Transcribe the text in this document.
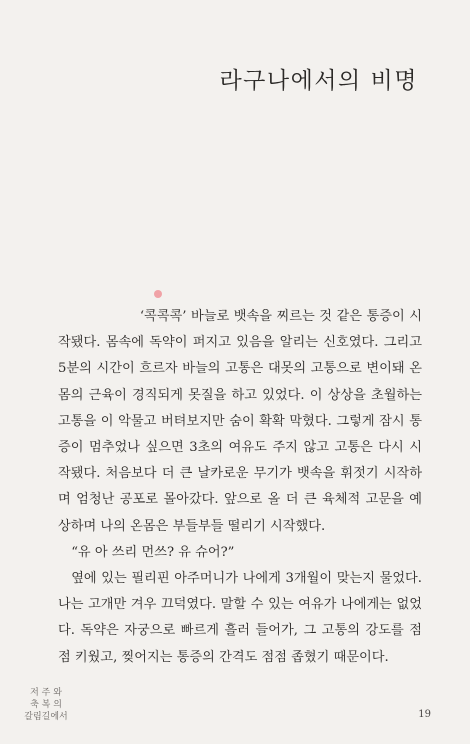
라구나에서의 비명

‘콕콕콕’ 바늘로 뱃속을 찌르는 것 같은 통증이 시작됐다. 몸속에 독약이 퍼지고 있음을 알리는 신호였다. 그리고 5분의 시간이 흐르자 바늘의 고통은 대못의 고통으로 변이돼 온 몸의 근육이 경직되게 못질을 하고 있었다. 이 상상을 초월하는 고통을 이 악물고 버텨보지만 숨이 확확 막혔다. 그렇게 잠시 통증이 멈추었나 싶으면 3초의 여유도 주지 않고 고통은 다시 시작됐다. 처음보다 더 큰 날카로운 무기가 뱃속을 휘젓기 시작하며 엄청난 공포로 몰아갔다. 앞으로 올 더 큰 육체적 고문을 예상하며 나의 온몸은 부들부들 떨리기 시작했다.

“유 아 쓰리 먼쓰? 유 슈어?”

옆에 있는 필리핀 아주머니가 나에게 3개월이 맞는지 물었다. 나는 고개만 겨우 끄덕였다. 말할 수 있는 여유가 나에게는 없었다. 독약은 자궁으로 빠르게 흘러 들어가, 그 고통의 강도를 점점 키웠고, 찢어지는 통증의 간격도 점점 좁혔기 때문이다.

저 주 와
축 복 의
갈림길에서	19
